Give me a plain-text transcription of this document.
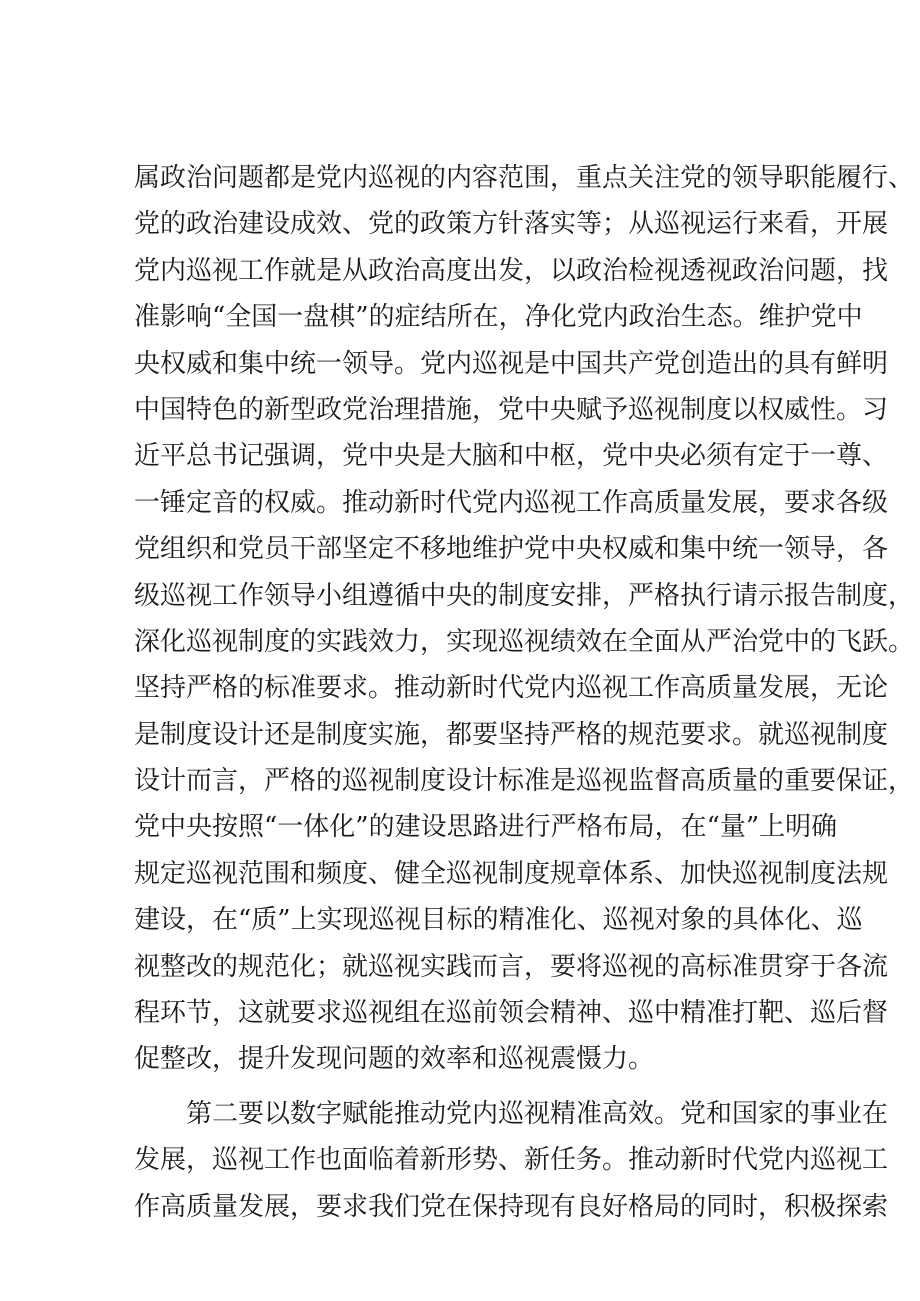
属政治问题都是党内巡视的内容范围，重点关注党的领导职能履行、
党的政治建设成效、党的政策方针落实等；从巡视运行来看，开展
党内巡视工作就是从政治高度出发，以政治检视透视政治问题，找
准影响“全国一盘棋”的症结所在，净化党内政治生态。维护党中
央权威和集中统一领导。党内巡视是中国共产党创造出的具有鲜明
中国特色的新型政党治理措施，党中央赋予巡视制度以权威性。习
近平总书记强调，党中央是大脑和中枢，党中央必须有定于一尊、
一锤定音的权威。推动新时代党内巡视工作高质量发展，要求各级
党组织和党员干部坚定不移地维护党中央权威和集中统一领导，各
级巡视工作领导小组遵循中央的制度安排，严格执行请示报告制度，
深化巡视制度的实践效力，实现巡视绩效在全面从严治党中的飞跃。
坚持严格的标准要求。推动新时代党内巡视工作高质量发展，无论
是制度设计还是制度实施，都要坚持严格的规范要求。就巡视制度
设计而言，严格的巡视制度设计标准是巡视监督高质量的重要保证，
党中央按照“一体化”的建设思路进行严格布局，在“量”上明确
规定巡视范围和频度、健全巡视制度规章体系、加快巡视制度法规
建设，在“质”上实现巡视目标的精准化、巡视对象的具体化、巡
视整改的规范化；就巡视实践而言，要将巡视的高标准贯穿于各流
程环节，这就要求巡视组在巡前领会精神、巡中精准打靶、巡后督
促整改，提升发现问题的效率和巡视震慑力。
第二要以数字赋能推动党内巡视精准高效。党和国家的事业在
发展，巡视工作也面临着新形势、新任务。推动新时代党内巡视工
作高质量发展，要求我们党在保持现有良好格局的同时，积极探索
